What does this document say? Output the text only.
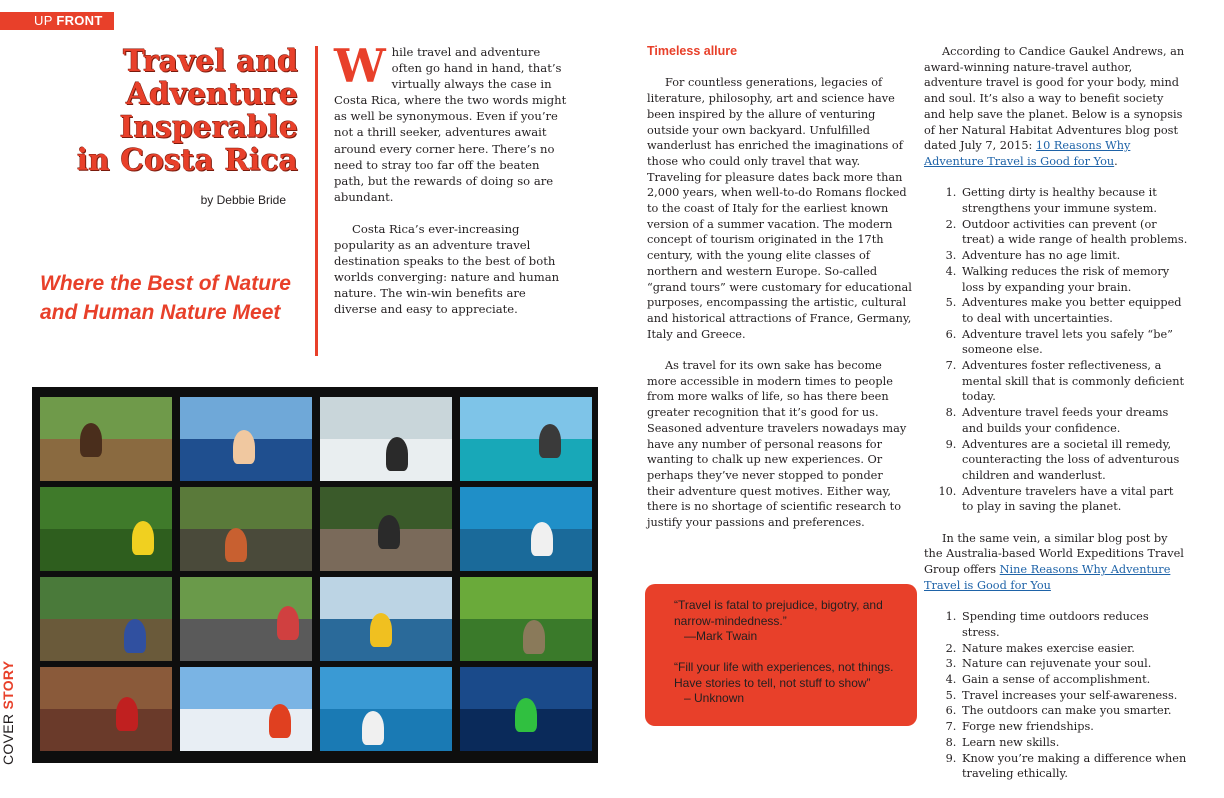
UP FRONT
Travel and
Adventure
Insperable
in Costa Rica
by Debbie Bride
Where the Best of Nature and Human Nature Meet

While travel and adventure often go hand in hand, that’s virtually always the case in Costa Rica, where the two words might as well be synonymous. Even if you’re not a thrill seeker, adventures await around every corner here. There’s no need to stray too far off the beaten path, but the rewards of doing so are abundant.

Costa Rica’s ever-increasing popularity as an adventure travel destination speaks to the best of both worlds converging: nature and human nature. The win-win benefits are diverse and easy to appreciate.

COVER STORY

Timeless allure

For countless generations, legacies of literature, philosophy, art and science have been inspired by the allure of venturing outside your own backyard. Unfulfilled wanderlust has enriched the imaginations of those who could only travel that way. Traveling for pleasure dates back more than 2,000 years, when well-to-do Romans flocked to the coast of Italy for the earliest known version of a summer vacation. The modern concept of tourism originated in the 17th century, with the young elite classes of northern and western Europe. So-called “grand tours” were customary for educational purposes, encompassing the artistic, cultural and historical attractions of France, Germany, Italy and Greece.

As travel for its own sake has become more accessible in modern times to people from more walks of life, so has there been greater recognition that it’s good for us. Seasoned adventure travelers nowadays may have any number of personal reasons for wanting to chalk up new experiences. Or perhaps they’ve never stopped to ponder their adventure quest motives. Either way, there is no shortage of scientific research to justify your passions and preferences.

“Travel is fatal to prejudice, bigotry, and narrow-mindedness.”

—Mark Twain

“Fill your life with experiences, not things. Have stories to tell, not stuff to show”

– Unknown

According to Candice Gaukel Andrews, an award-winning nature-travel author, adventure travel is good for your body, mind and soul. It’s also a way to benefit society and help save the planet. Below is a synopsis of her Natural Habitat Adventures blog post dated July 7, 2015: 10 Reasons Why Adventure Travel is Good for You.

1. Getting dirty is healthy because it strengthens your immune system.
2. Outdoor activities can prevent (or treat) a wide range of health problems.
3. Adventure has no age limit.
4. Walking reduces the risk of memory loss by expanding your brain.
5. Adventures make you better equipped to deal with uncertainties.
6. Adventure travel lets you safely “be” someone else.
7. Adventures foster reflectiveness, a mental skill that is commonly deficient today.
8. Adventure travel feeds your dreams and builds your confidence.
9. Adventures are a societal ill remedy, counteracting the loss of adventurous children and wanderlust.
10. Adventure travelers have a vital part to play in saving the planet.

In the same vein, a similar blog post by the Australia-based World Expeditions Travel Group offers Nine Reasons Why Adventure Travel is Good for You

1. Spending time outdoors reduces stress.
2. Nature makes exercise easier.
3. Nature can rejuvenate your soul.
4. Gain a sense of accomplishment.
5. Travel increases your self-awareness.
6. The outdoors can make you smarter.
7. Forge new friendships.
8. Learn new skills.
9. Know you’re making a difference when traveling ethically.
